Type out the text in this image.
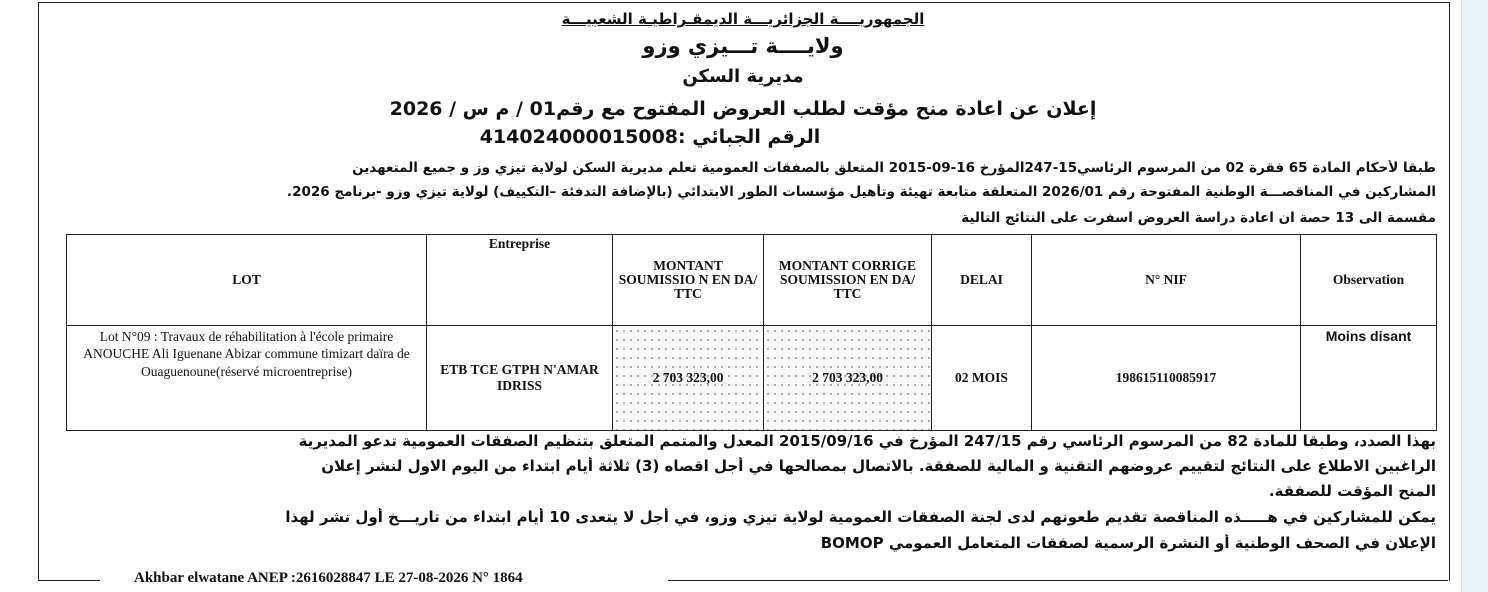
الجمهوريــــة الجزائريـــة الديمقـراطيـة الشعبيـــة
ولايــــة تـــيزي وزو
مديرية السكن
إعلان عن اعادة منح مؤقت لطلب العروض المفتوح مع رقم01 / م س / 2026
الرقم الجبائي :414024000015008
طبقا لأحكام المادة 65 فقرة 02 من المرسوم الرئاسي15-247المؤرخ 16-09-2015 المتعلق بالصفقات العمومية تعلم مديرية السكن لولاية تيزي وز و جميع المتعهدين
المشاركين في المناقصـــة الوطنية المفتوحة رقم 2026/01 المتعلقة متابعة تهيئة وتأهيل مؤسسات الطور الابتدائي (بالإضافة التدفئة –التكييف) لولاية تيزي وزو -برنامج 2026.
مقسمة الى 13 حصة ان اعادة دراسة العروض اسفرت على النتائج التالية
LOT	Entreprise	MONTANT SOUMISSIO N EN DA/ TTC	MONTANT CORRIGE SOUMISSION EN DA/ TTC	DELAI	N° NIF	Observation
Lot N°09 : Travaux de réhabilitation à l'école primaire ANOUCHE Ali Iguenane Abizar commune timizart daïra de Ouaguenoune(réservé microentreprise)	ETB TCE GTPH N'AMAR IDRISS	2 703 323,00	2 703 323,00	02 MOIS	198615110085917	Moins disant
بهذا الصدد، وطبقا للمادة 82 من المرسوم الرئاسي رقم 247/15 المؤرخ في 2015/09/16 المعدل والمتمم المتعلق بتنظيم الصفقات العمومية تدعو المديرية
الراغبين الاطلاع على النتائج لتقييم عروضهم التقنية و المالية للصفقة. بالاتصال بمصالحها في أجل اقصاه (3) ثلاثة أيام ابتداء من اليوم الاول لنشر إعلان
المنح المؤقت للصفقة.
يمكن للمشاركين في هـــــذه المناقصة تقديم طعونهم لدى لجنة الصفقات العمومية لولاية تيزي وزو، في أجل لا يتعدى 10 أيام ابتداء من تاريـــخ أول نشر لهذا
الإعلان في الصحف الوطنية أو النشرة الرسمية لصفقات المتعامل العمومي BOMOP
Akhbar elwatane ANEP :2616028847 LE 27-08-2026 N° 1864
